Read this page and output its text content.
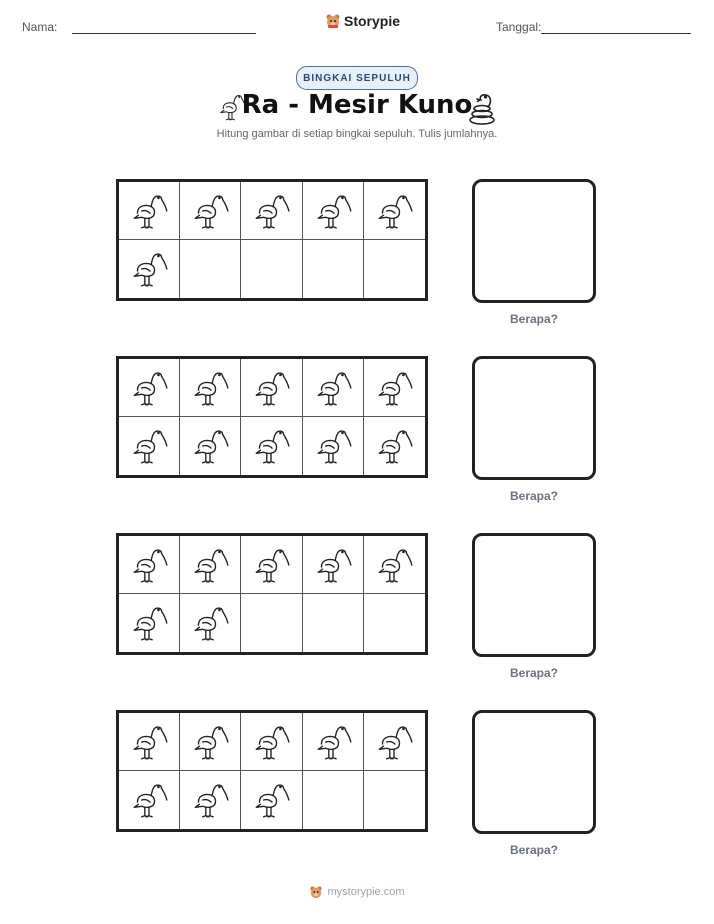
Nama:	Storypie	Tanggal:
BINGKAI SEPULUH
Ra - Mesir Kuno
Hitung gambar di setiap bingkai sepuluh. Tulis jumlahnya.
Berapa?
Berapa?
Berapa?
Berapa?
mystorypie.com
